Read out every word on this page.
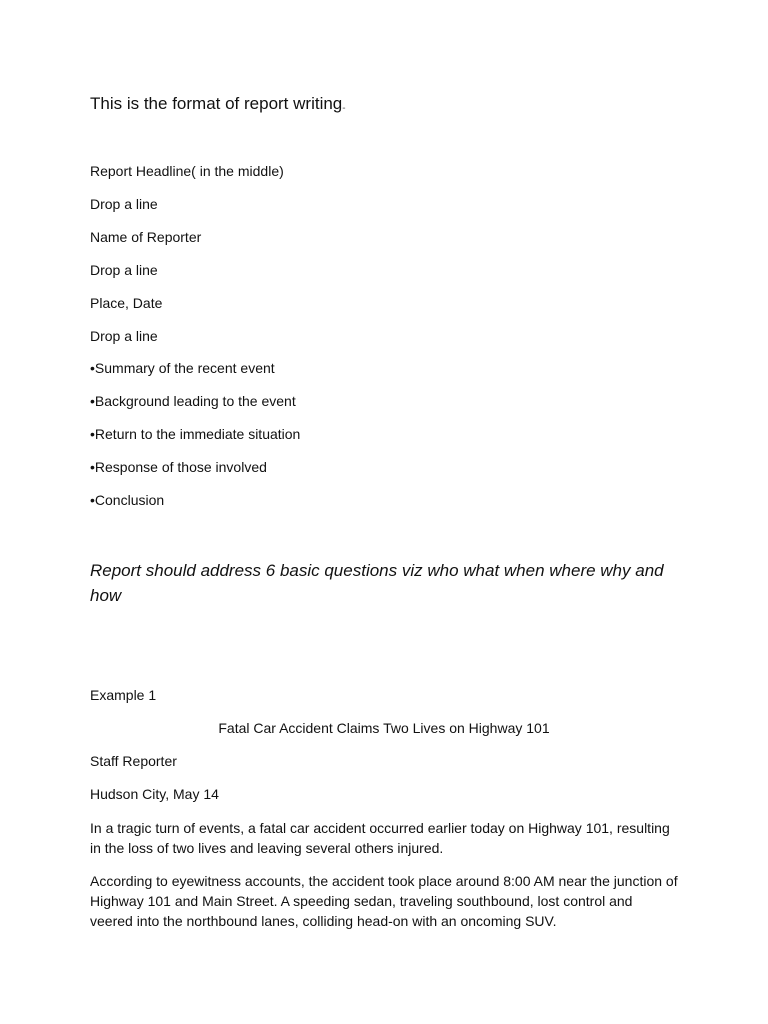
This is the format of report writing-
Report Headline( in the middle)
Drop a line
Name of Reporter
Drop a line
Place, Date
Drop a line
•Summary of the recent event
•Background leading to the event
•Return to the immediate situation
•Response of those involved
•Conclusion
Report should address 6 basic questions viz who what when where why and how
Example 1
Fatal Car Accident Claims Two Lives on Highway 101
Staff Reporter
Hudson City, May 14
In a tragic turn of events, a fatal car accident occurred earlier today on Highway 101, resulting in the loss of two lives and leaving several others injured.
According to eyewitness accounts, the accident took place around 8:00 AM near the junction of Highway 101 and Main Street. A speeding sedan, traveling southbound, lost control and veered into the northbound lanes, colliding head-on with an oncoming SUV.
